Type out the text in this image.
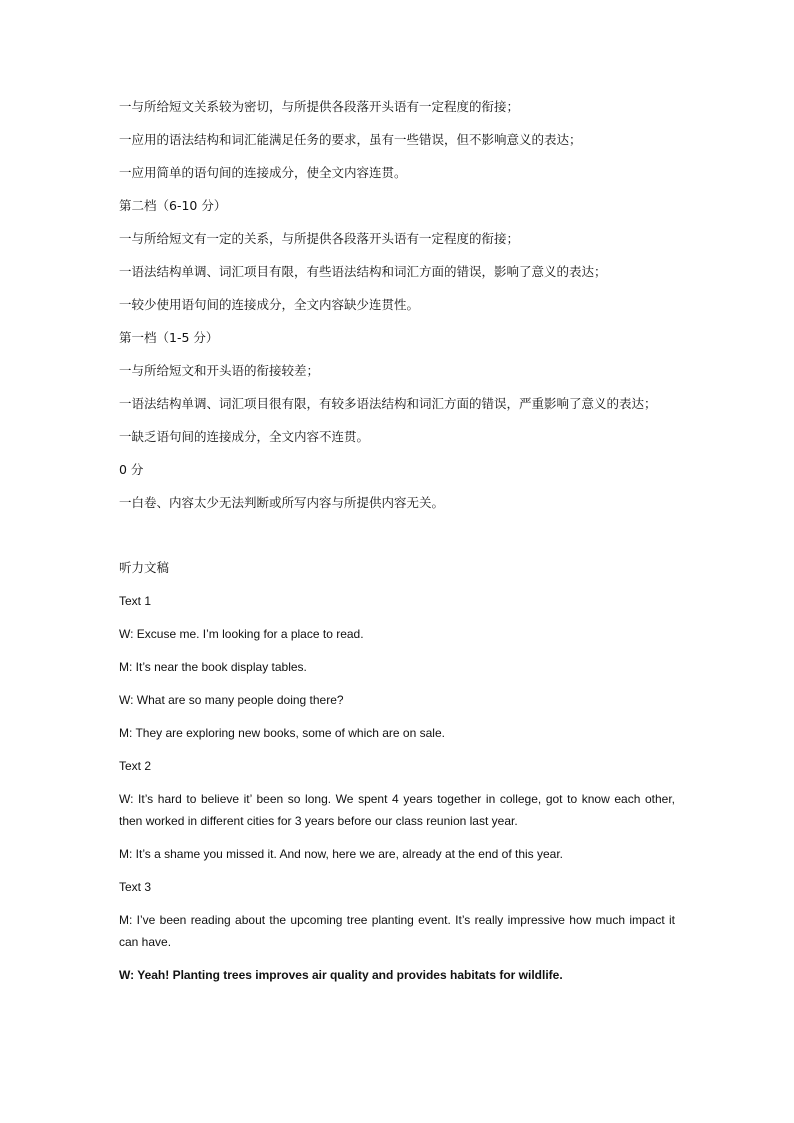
一与所给短文关系较为密切，与所提供各段落开头语有一定程度的衔接；

一应用的语法结构和词汇能满足任务的要求，虽有一些错误，但不影响意义的表达；

一应用简单的语句间的连接成分，使全文内容连贯。

第二档（6-10 分）

一与所给短文有一定的关系，与所提供各段落开头语有一定程度的衔接；

一语法结构单调、词汇项目有限，有些语法结构和词汇方面的错误，影响了意义的表达；

一较少使用语句间的连接成分，全文内容缺少连贯性。

第一档（1-5 分）

一与所给短文和开头语的衔接较差；

一语法结构单调、词汇项目很有限，有较多语法结构和词汇方面的错误，严重影响了意义的表达；

一缺乏语句间的连接成分，全文内容不连贯。

0 分

一白卷、内容太少无法判断或所写内容与所提供内容无关。

听力文稿

Text 1

W: Excuse me. I’m looking for a place to read.

M: It’s near the book display tables.

W: What are so many people doing there?

M: They are exploring new books, some of which are on sale.

Text 2

W: It’s hard to believe it’ been so long. We spent 4 years together in college, got to know each other, then worked in different cities for 3 years before our class reunion last year.

M: It’s a shame you missed it. And now, here we are, already at the end of this year.

Text 3

M: I’ve been reading about the upcoming tree planting event. It’s really impressive how much impact it can have.

W: Yeah! Planting trees improves air quality and provides habitats for wildlife.
